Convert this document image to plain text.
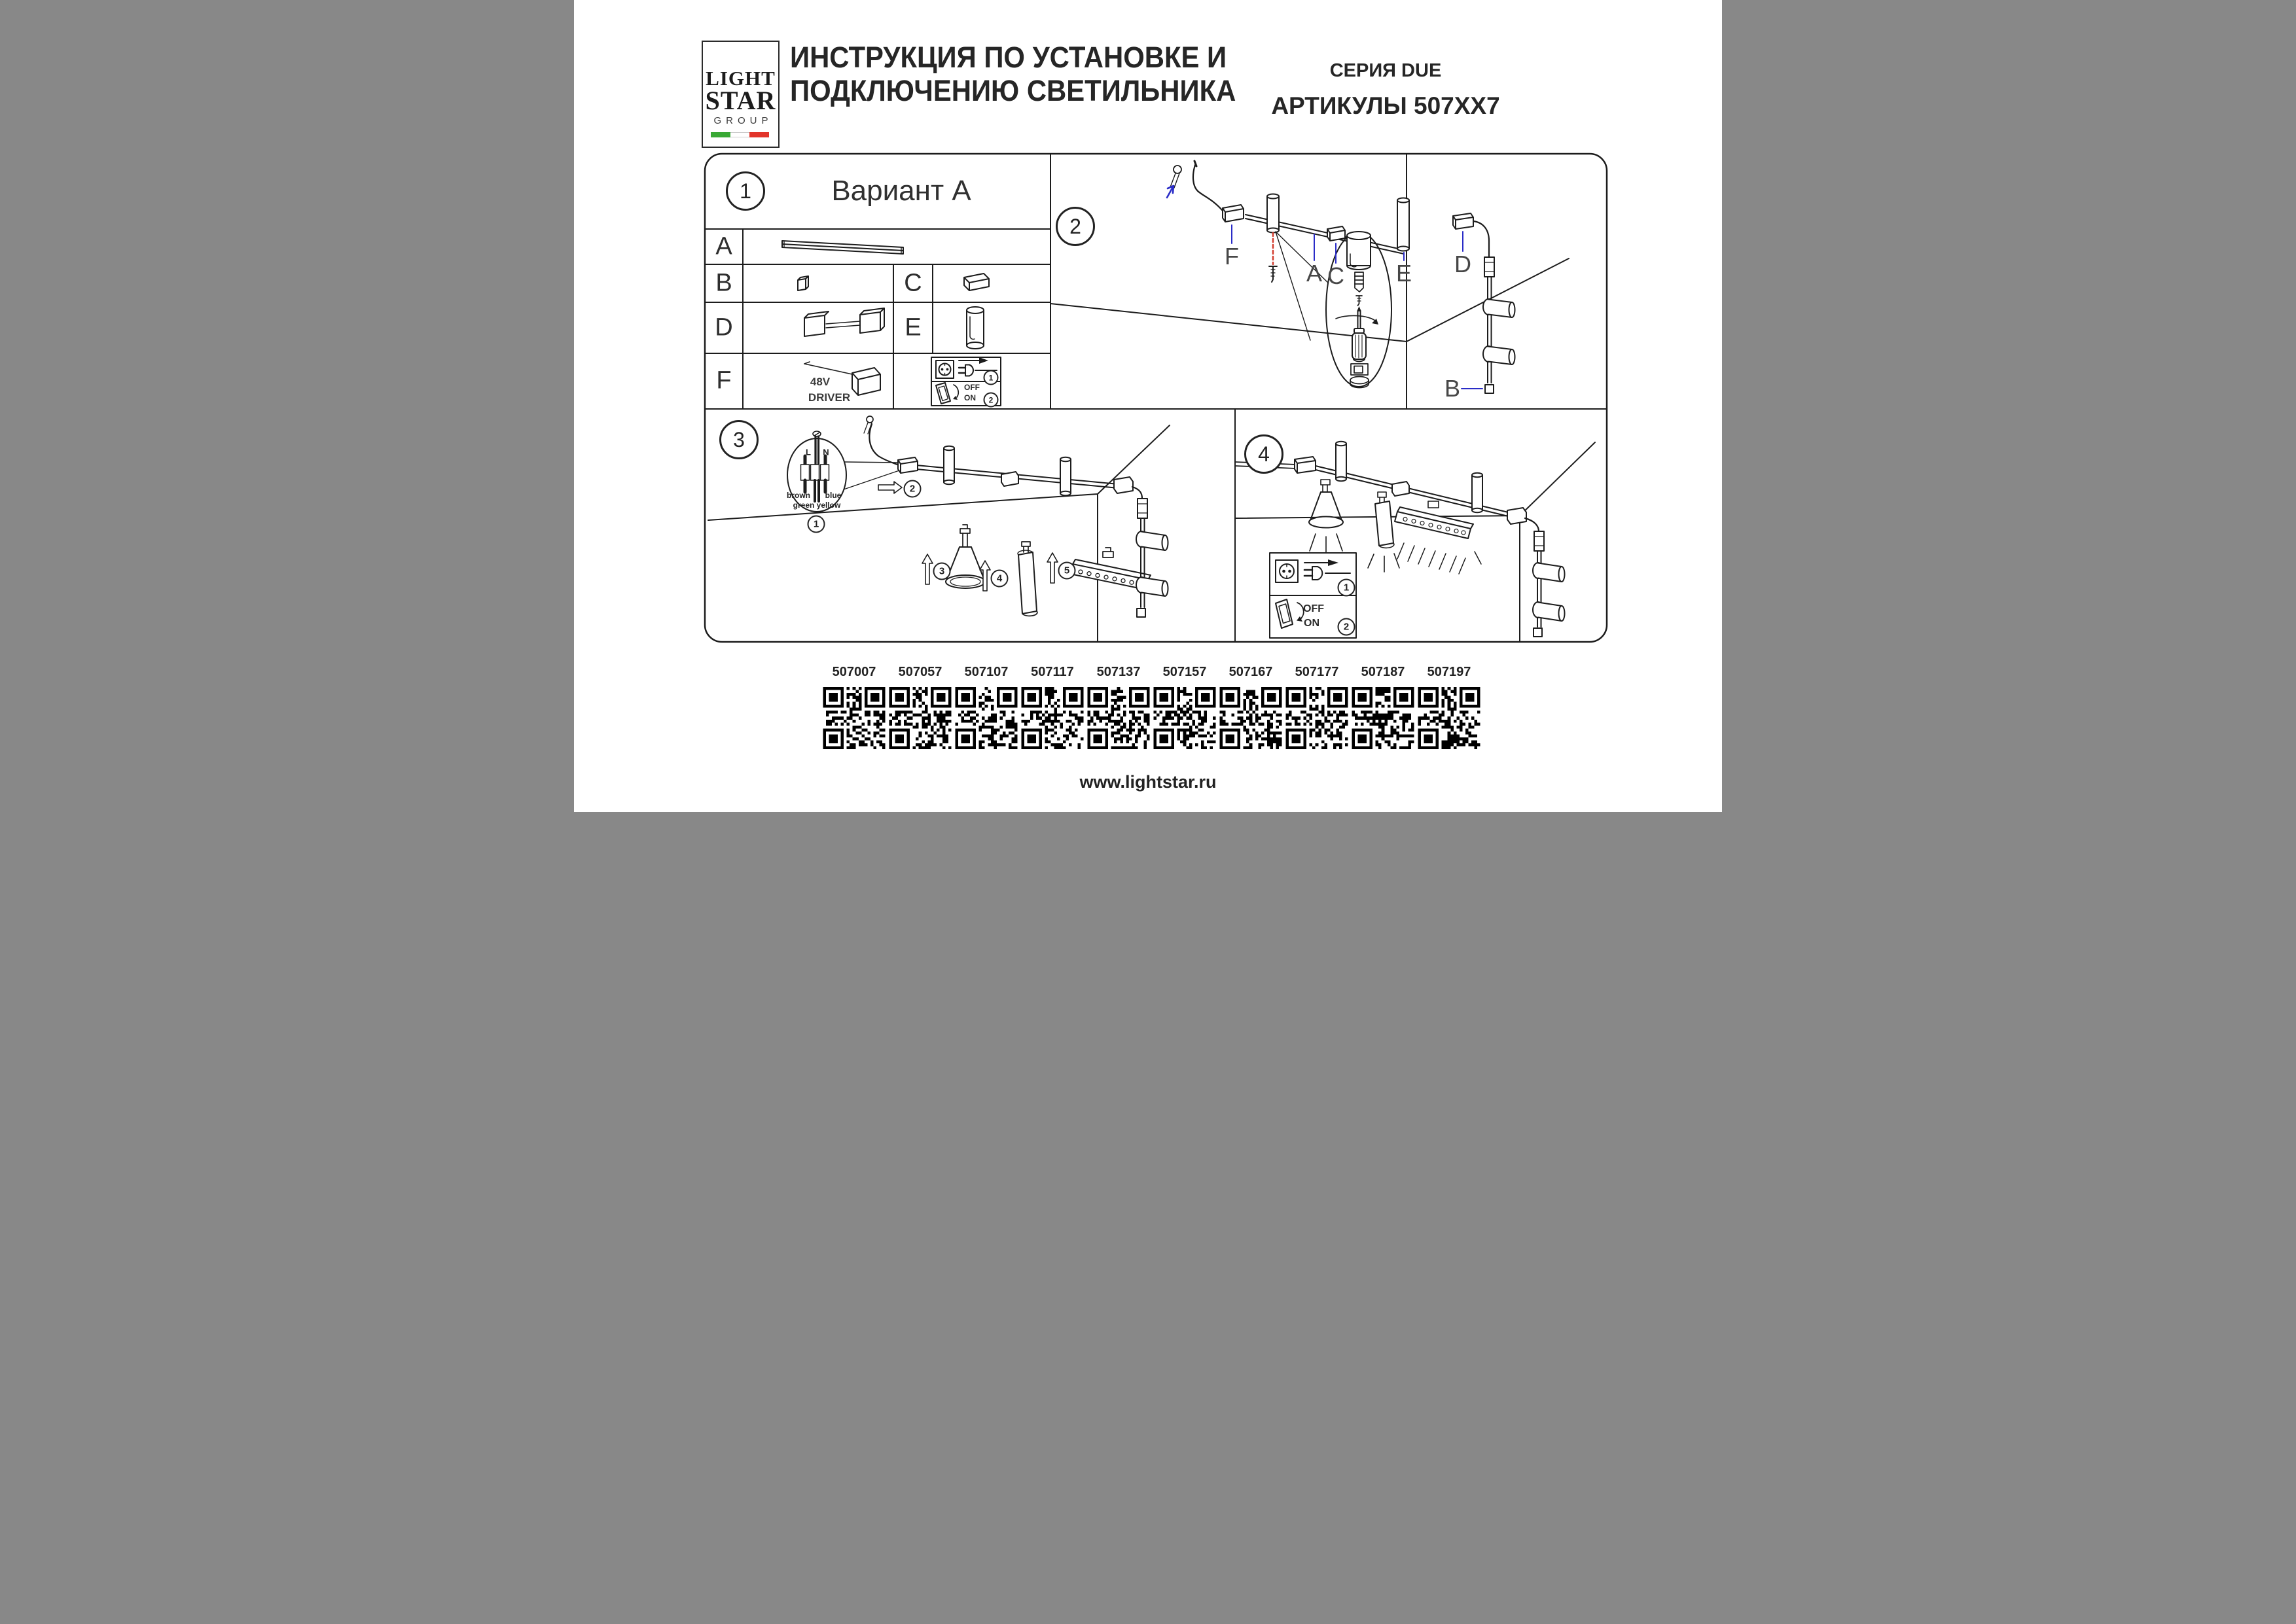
LIGHT
STAR
GROUP
ИНСТРУКЦИЯ ПО УСТАНОВКЕ И
ПОДКЛЮЧЕНИЮ СВЕТИЛЬНИКА
СЕРИЯ DUE
АРТИКУЛЫ 507XX7
1	Вариант А
A
B	C
D	E
F	48V
DRIVER
1
OFF
ON	2
2
F
A C E D
B
3
L N
brown blue
green yellow
1
2
3
4
5
4
1
OFF
ON	2
507007	507057	507107	507117	507137	507157	507167	507177	507187	507197
www.lightstar.ru
